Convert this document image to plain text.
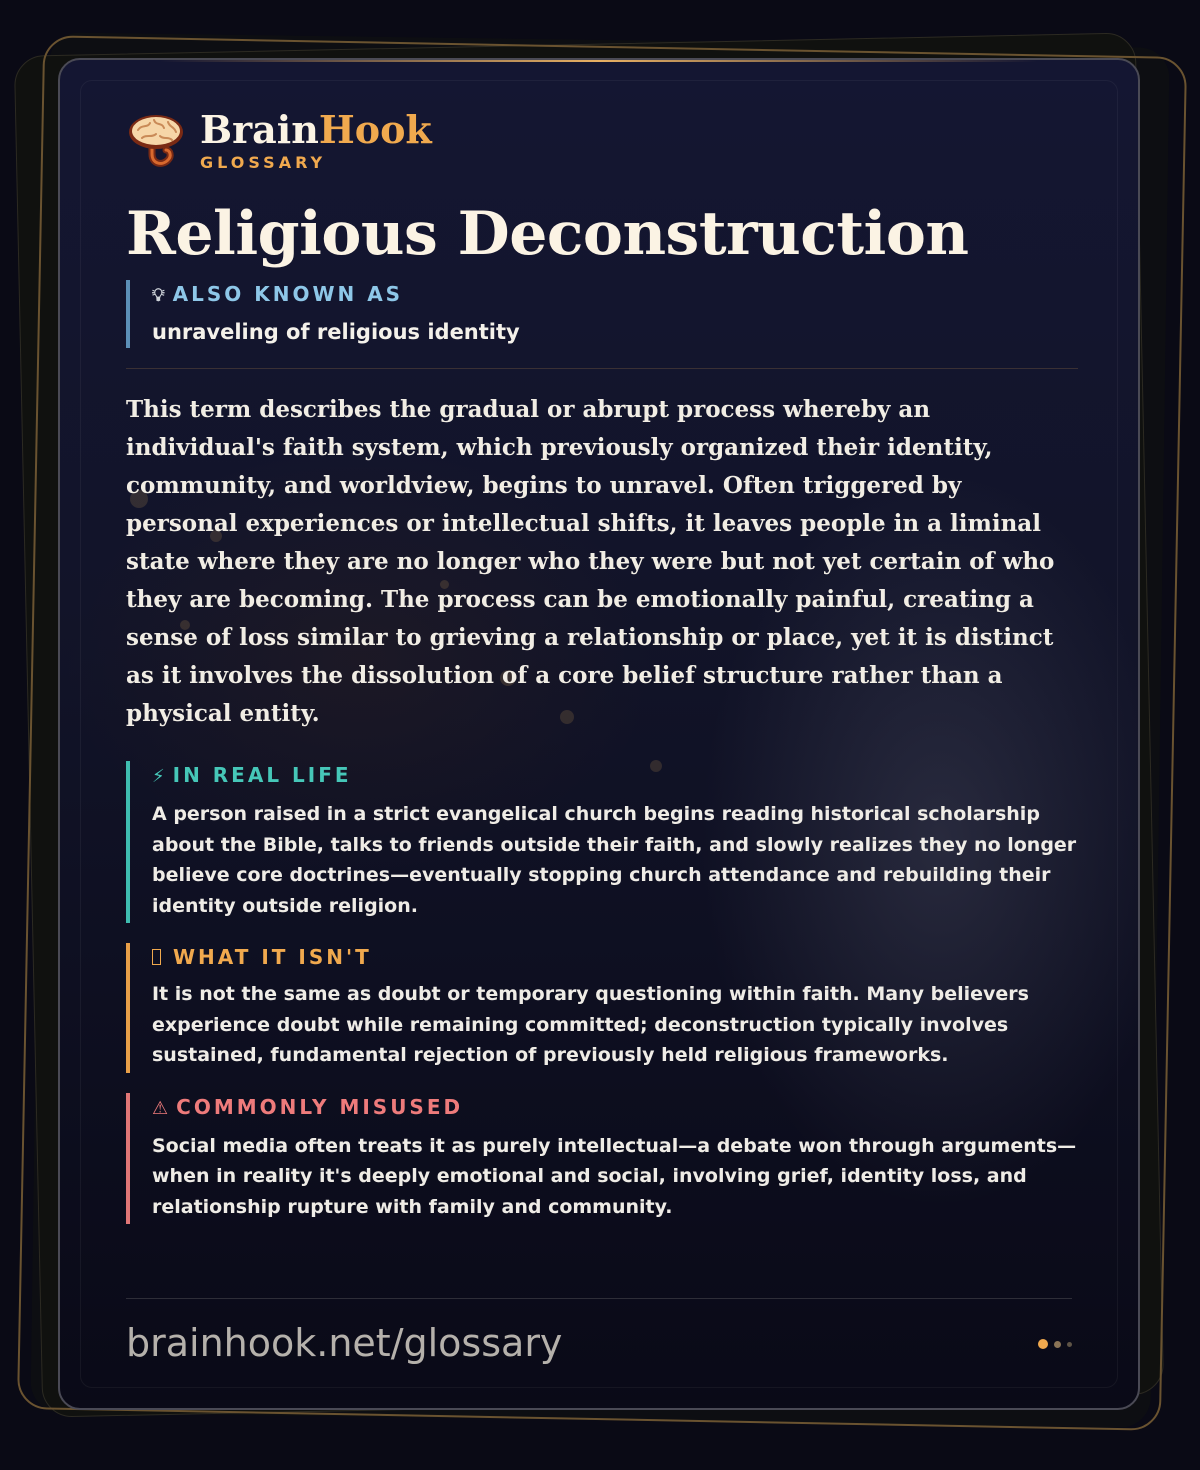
BrainHook
GLOSSARY
Religious Deconstruction
💡︎ ALSO KNOWN AS
unraveling of religious identity

This term describes the gradual or abrupt process whereby an individual's faith system, which previously organized their identity, community, and worldview, begins to unravel. Often triggered by personal experiences or intellectual shifts, it leaves people in a liminal state where they are no longer who they were but not yet certain of who they are becoming. The process can be emotionally painful, creating a sense of loss similar to grieving a relationship or place, yet it is distinct as it involves the dissolution of a core belief structure rather than a physical entity.

⚡︎ IN REAL LIFE
A person raised in a strict evangelical church begins reading historical scholarship about the Bible, talks to friends outside their faith, and slowly realizes they no longer believe core doctrines—eventually stopping church attendance and rebuilding their identity outside religion.
WHAT IT ISN'T
It is not the same as doubt or temporary questioning within faith. Many believers experience doubt while remaining committed; deconstruction typically involves sustained, fundamental rejection of previously held religious frameworks.
⚠︎ COMMONLY MISUSED
Social media often treats it as purely intellectual—a debate won through arguments—when in reality it's deeply emotional and social, involving grief, identity loss, and relationship rupture with family and community.
brainhook.net/glossary
